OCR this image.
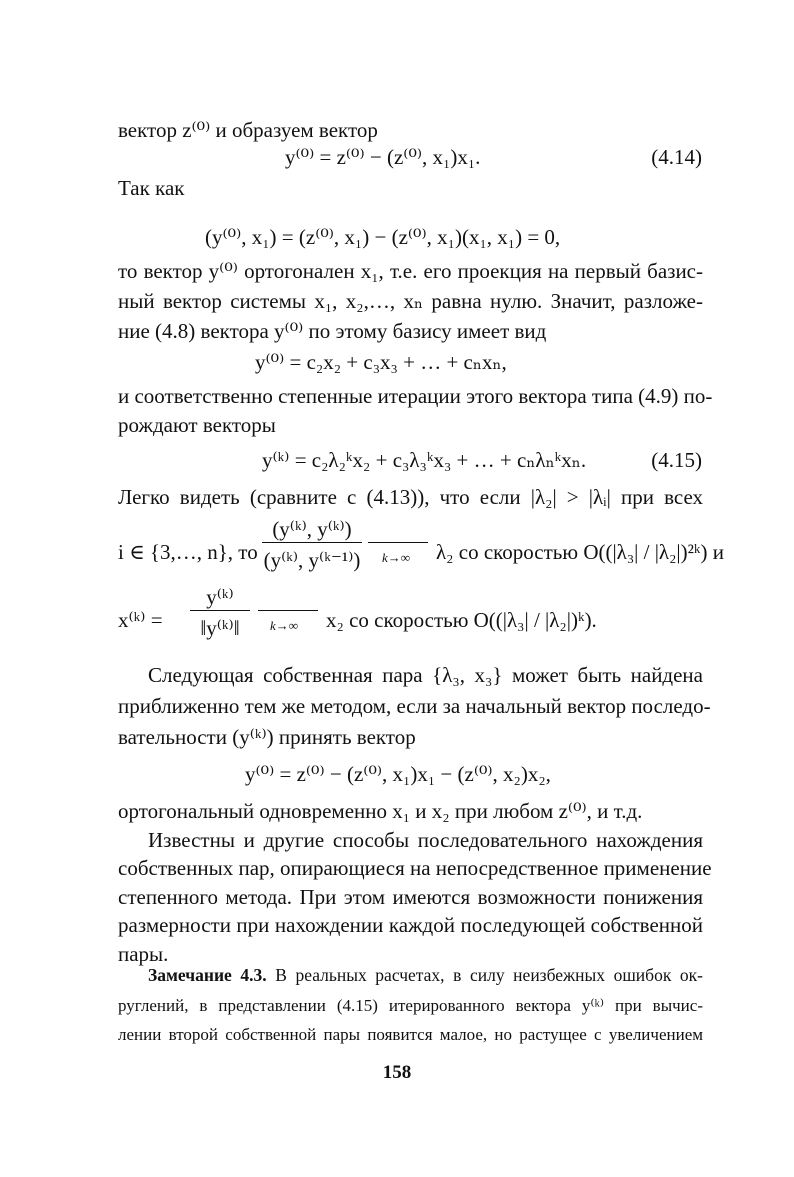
вектор z⁽⁰⁾ и образуем вектор
y⁽⁰⁾ = z⁽⁰⁾ − (z⁽⁰⁾, x₁)x₁.	(4.14)
Так как
(y⁽⁰⁾, x₁) = (z⁽⁰⁾, x₁) − (z⁽⁰⁾, x₁)(x₁, x₁) = 0,
то вектор y⁽⁰⁾ ортогонален x₁, т.е. его проекция на первый базис-
ный вектор системы x₁, x₂,…, xₙ равна нулю. Значит, разложе-
ние (4.8) вектора y⁽⁰⁾ по этому базису имеет вид
y⁽⁰⁾ = c₂x₂ + c₃x₃ + … + cₙxₙ,
и соответственно степенные итерации этого вектора типа (4.9) по-
рождают векторы
y⁽ᵏ⁾ = c₂λ₂ᵏx₂ + c₃λ₃ᵏx₃ + … + cₙλₙᵏxₙ.	(4.15)
Легко видеть (сравните с (4.13)), что если |λ₂| > |λᵢ| при всех
i ∈ {3,…, n}, то
(y⁽ᵏ⁾, y⁽ᵏ⁾)
(y⁽ᵏ⁾, y⁽ᵏ⁻¹⁾) k→∞ λ₂ со скоростью O((|λ₃| / |λ₂|)²ᵏ) и
x⁽ᵏ⁾ =
y⁽ᵏ⁾
‖y⁽ᵏ⁾‖	k→∞ x₂ со скоростью O((|λ₃| / |λ₂|)ᵏ).
Следующая собственная пара {λ₃, x₃} может быть найдена
приближенно тем же методом, если за начальный вектор последо-
вательности (y⁽ᵏ⁾) принять вектор
y⁽⁰⁾ = z⁽⁰⁾ − (z⁽⁰⁾, x₁)x₁ − (z⁽⁰⁾, x₂)x₂,
ортогональный одновременно x₁ и x₂ при любом z⁽⁰⁾, и т.д.
Известны и другие способы последовательного нахождения
собственных пар, опирающиеся на непосредственное применение
степенного метода. При этом имеются возможности понижения
размерности при нахождении каждой последующей собственной
пары.
Замечание 4.3. В реальных расчетах, в силу неизбежных ошибок ок-
руглений, в представлении (4.15) итерированного вектора y⁽ᵏ⁾ при вычис-
лении второй собственной пары появится малое, но растущее с увеличением
158
